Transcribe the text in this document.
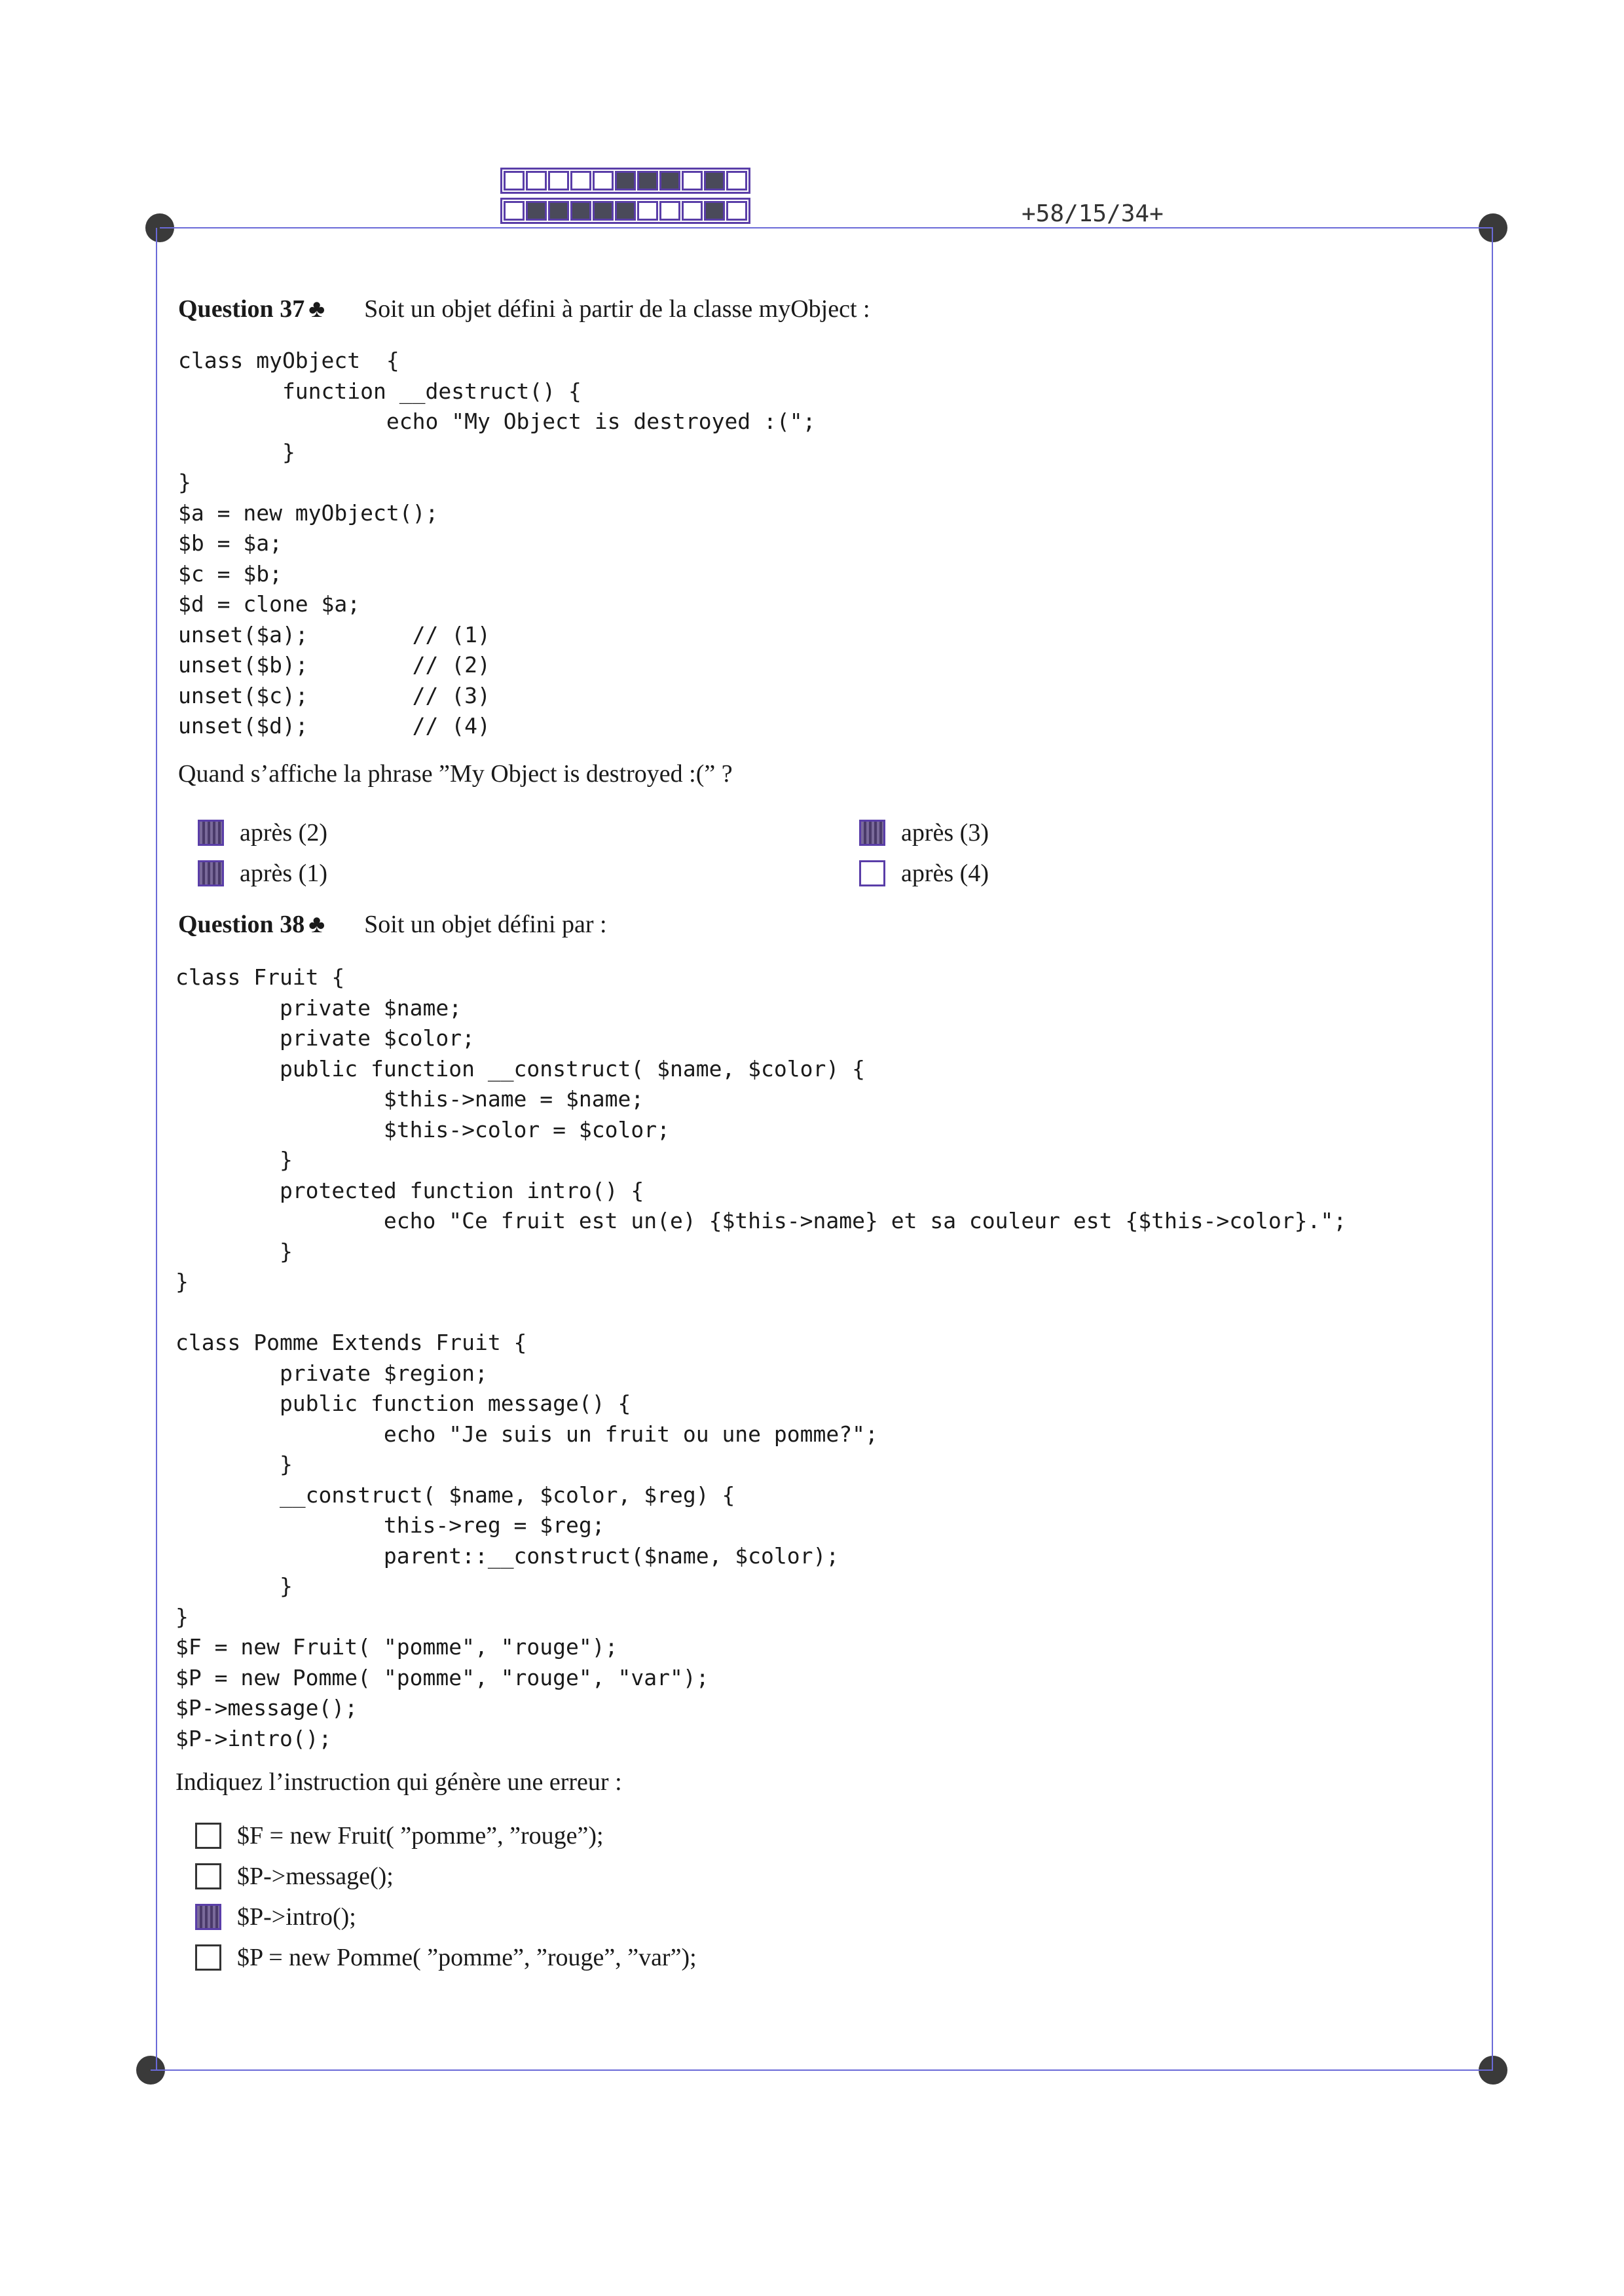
+58/15/34+
Question 37 ♣ Soit un objet défini à partir de la classe myObject :
class myObject  {
function __destruct() {
echo "My Object is destroyed :(";
}
}
$a = new myObject();
$b = $a;
$c = $b;
$d = clone $a;
unset($a);        // (1)
unset($b);        // (2)
unset($c);        // (3)
unset($d);        // (4)
Quand s’affiche la phrase ”My Object is destroyed :(” ?
après (2)	après (3)
après (1)	après (4)
Question 38 ♣ Soit un objet défini par :
class Fruit {
private $name;
private $color;
public function __construct( $name, $color) {
$this->name = $name;
$this->color = $color;
}
protected function intro() {
echo "Ce fruit est un(e) {$this->name} et sa couleur est {$this->color}.";
}
}

class Pomme Extends Fruit {
private $region;
public function message() {
echo "Je suis un fruit ou une pomme?";
}
__construct( $name, $color, $reg) {
this->reg = $reg;
parent::__construct($name, $color);
}
}
$F = new Fruit( "pomme", "rouge");
$P = new Pomme( "pomme", "rouge", "var");
$P->message();
$P->intro();
Indiquez l’instruction qui génère une erreur :
$F = new Fruit( ”pomme”, ”rouge”);
$P->message();
$P->intro();
$P = new Pomme( ”pomme”, ”rouge”, ”var”);
